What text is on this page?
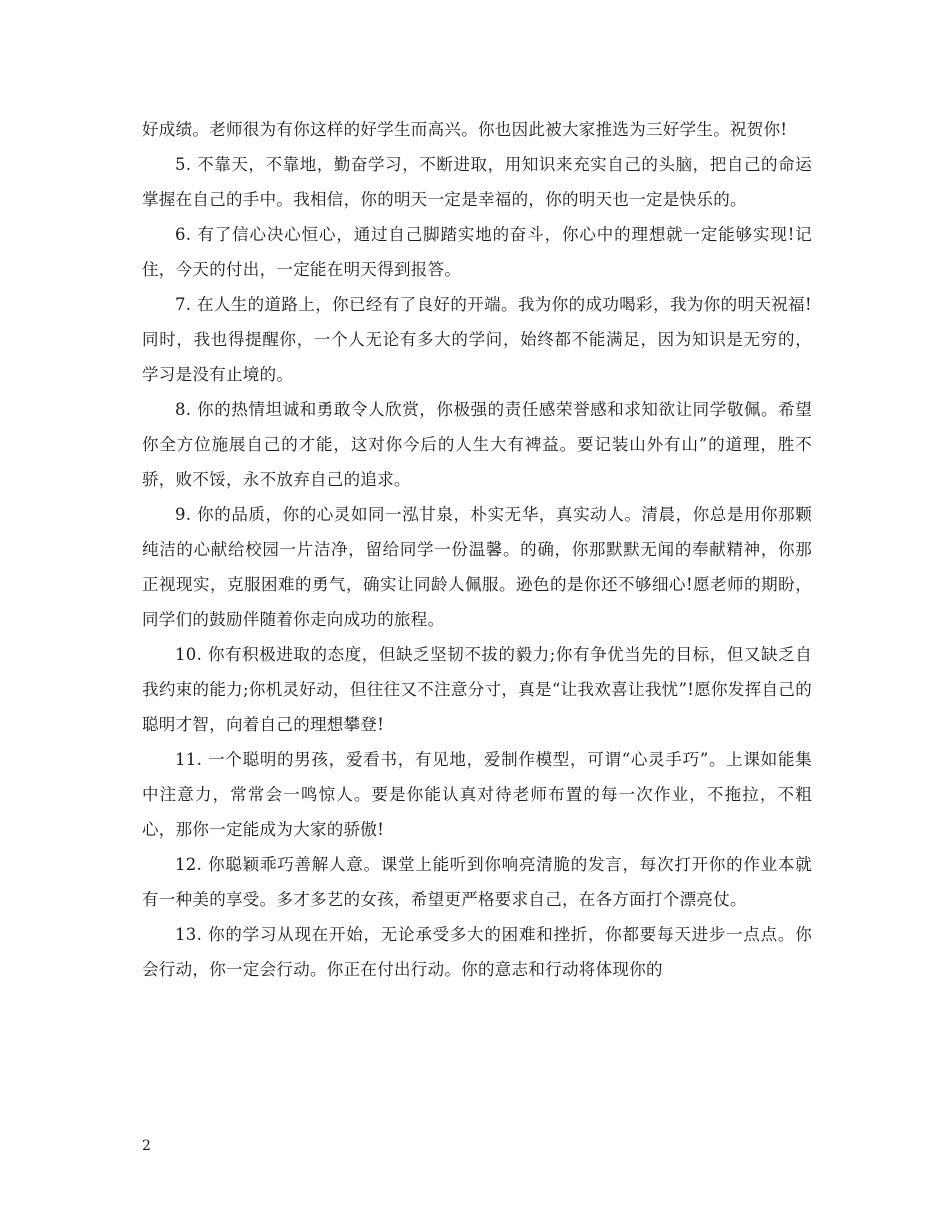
好成绩。老师很为有你这样的好学生而高兴。你也因此被大家推选为三好学生。祝贺你!

5. 不靠天，不靠地，勤奋学习，不断进取，用知识来充实自己的头脑，把自己的命运掌握在自己的手中。我相信，你的明天一定是幸福的，你的明天也一定是快乐的。

6. 有了信心决心恒心，通过自己脚踏实地的奋斗，你心中的理想就一定能够实现!记住，今天的付出，一定能在明天得到报答。

7. 在人生的道路上，你已经有了良好的开端。我为你的成功喝彩，我为你的明天祝福!同时，我也得提醒你，一个人无论有多大的学问，始终都不能满足，因为知识是无穷的，学习是没有止境的。

8. 你的热情坦诚和勇敢令人欣赏，你极强的责任感荣誉感和求知欲让同学敬佩。希望你全方位施展自己的才能，这对你今后的人生大有裨益。要记装山外有山”的道理，胜不骄，败不馁，永不放弃自己的追求。

9. 你的品质，你的心灵如同一泓甘泉，朴实无华，真实动人。清晨，你总是用你那颗纯洁的心献给校园一片洁净，留给同学一份温馨。的确，你那默默无闻的奉献精神，你那正视现实，克服困难的勇气，确实让同龄人佩服。逊色的是你还不够细心!愿老师的期盼，同学们的鼓励伴随着你走向成功的旅程。

10. 你有积极进取的态度，但缺乏坚韧不拔的毅力;你有争优当先的目标，但又缺乏自我约束的能力;你机灵好动，但往往又不注意分寸，真是“让我欢喜让我忧”!愿你发挥自己的聪明才智，向着自己的理想攀登!

11. 一个聪明的男孩，爱看书，有见地，爱制作模型，可谓“心灵手巧”。上课如能集中注意力，常常会一鸣惊人。要是你能认真对待老师布置的每一次作业，不拖拉，不粗心，那你一定能成为大家的骄傲!

12. 你聪颖乖巧善解人意。课堂上能听到你响亮清脆的发言，每次打开你的作业本就有一种美的享受。多才多艺的女孩，希望更严格要求自己，在各方面打个漂亮仗。

13. 你的学习从现在开始，无论承受多大的困难和挫折，你都要每天进步一点点。你会行动，你一定会行动。你正在付出行动。你的意志和行动将体现你的

2
